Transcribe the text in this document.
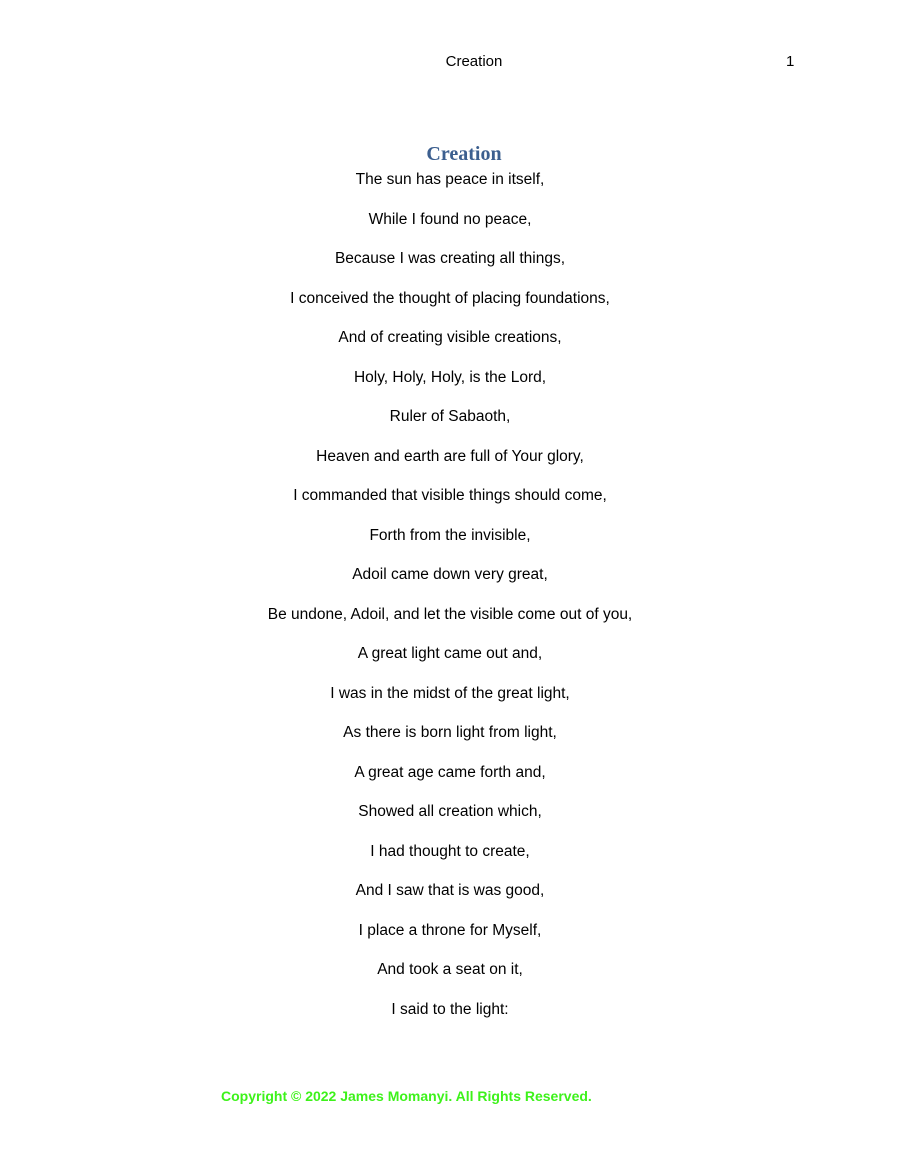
Creation	1
Creation
The sun has peace in itself,
While I found no peace,
Because I was creating all things,
I conceived the thought of placing foundations,
And of creating visible creations,
Holy, Holy, Holy, is the Lord,
Ruler of Sabaoth,
Heaven and earth are full of Your glory,
I commanded that visible things should come,
Forth from the invisible,
Adoil came down very great,
Be undone, Adoil, and let the visible come out of you,
A great light came out and,
I was in the midst of the great light,
As there is born light from light,
A great age came forth and,
Showed all creation which,
I had thought to create,
And I saw that is was good,
I place a throne for Myself,
And took a seat on it,
I said to the light:
Copyright © 2022 James Momanyi. All Rights Reserved.
